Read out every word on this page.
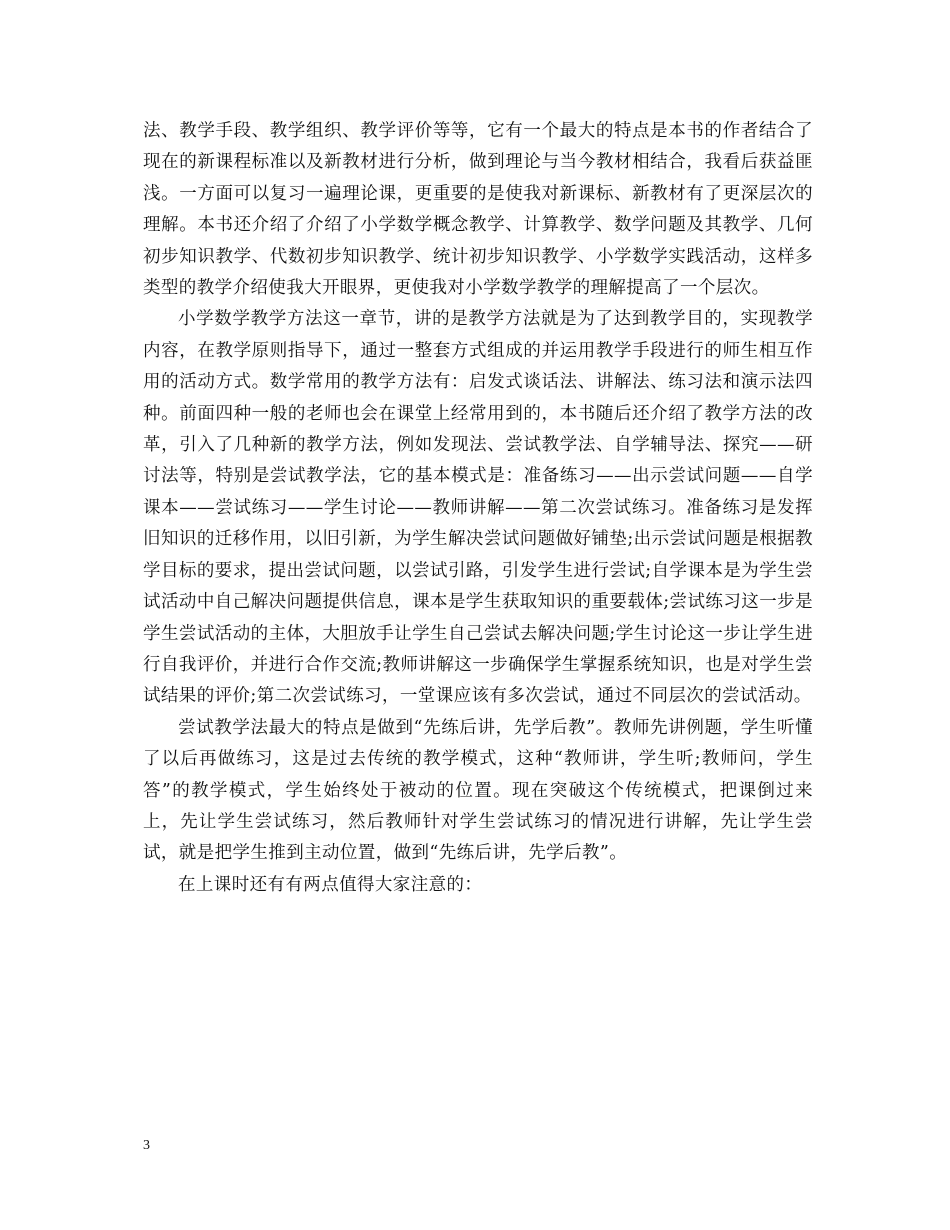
法、教学手段、教学组织、教学评价等等，它有一个最大的特点是本书的作者结合了现在的新课程标准以及新教材进行分析，做到理论与当今教材相结合，我看后获益匪浅。一方面可以复习一遍理论课，更重要的是使我对新课标、新教材有了更深层次的理解。本书还介绍了介绍了小学数学概念教学、计算教学、数学问题及其教学、几何初步知识教学、代数初步知识教学、统计初步知识教学、小学数学实践活动，这样多类型的教学介绍使我大开眼界，更使我对小学数学教学的理解提高了一个层次。

小学数学教学方法这一章节，讲的是教学方法就是为了达到教学目的，实现教学内容，在教学原则指导下，通过一整套方式组成的并运用教学手段进行的师生相互作用的活动方式。数学常用的教学方法有：启发式谈话法、讲解法、练习法和演示法四种。前面四种一般的老师也会在课堂上经常用到的，本书随后还介绍了教学方法的改革，引入了几种新的教学方法，例如发现法、尝试教学法、自学辅导法、探究——研讨法等，特别是尝试教学法，它的基本模式是：准备练习——出示尝试问题——自学课本——尝试练习——学生讨论——教师讲解——第二次尝试练习。准备练习是发挥旧知识的迁移作用，以旧引新，为学生解决尝试问题做好铺垫;出示尝试问题是根据教学目标的要求，提出尝试问题，以尝试引路，引发学生进行尝试;自学课本是为学生尝试活动中自己解决问题提供信息，课本是学生获取知识的重要载体;尝试练习这一步是学生尝试活动的主体，大胆放手让学生自己尝试去解决问题;学生讨论这一步让学生进行自我评价，并进行合作交流;教师讲解这一步确保学生掌握系统知识，也是对学生尝试结果的评价;第二次尝试练习，一堂课应该有多次尝试，通过不同层次的尝试活动。

尝试教学法最大的特点是做到“先练后讲，先学后教”。教师先讲例题，学生听懂了以后再做练习，这是过去传统的教学模式，这种“教师讲，学生听;教师问，学生答”的教学模式，学生始终处于被动的位置。现在突破这个传统模式，把课倒过来上，先让学生尝试练习，然后教师针对学生尝试练习的情况进行讲解，先让学生尝试，就是把学生推到主动位置，做到“先练后讲，先学后教”。

在上课时还有有两点值得大家注意的：

3
